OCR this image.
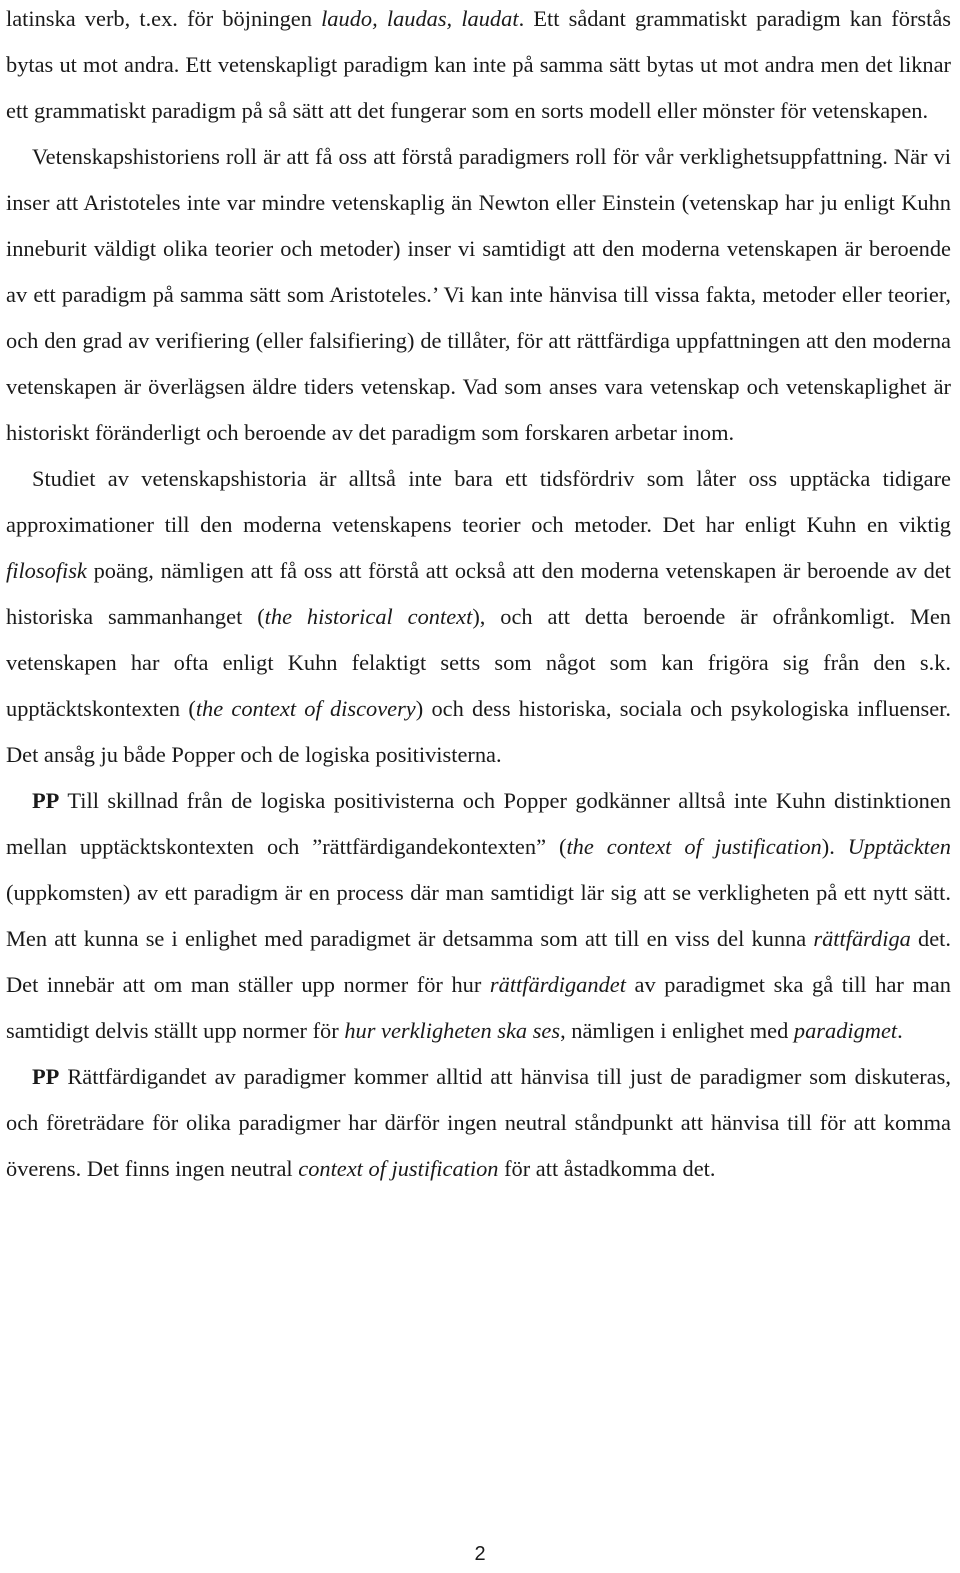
latinska verb, t.ex. för böjningen laudo, laudas, laudat. Ett sådant grammatiskt paradigm kan förstås bytas ut mot andra. Ett vetenskapligt paradigm kan inte på samma sätt bytas ut mot andra men det liknar ett grammatiskt paradigm på så sätt att det fungerar som en sorts modell eller mönster för vetenskapen.

Vetenskapshistoriens roll är att få oss att förstå paradigmers roll för vår verklighetsuppfattning. När vi inser att Aristoteles inte var mindre vetenskaplig än Newton eller Einstein (vetenskap har ju enligt Kuhn inneburit väldigt olika teorier och metoder) inser vi samtidigt att den moderna vetenskapen är beroende av ett paradigm på samma sätt som Aristoteles.’ Vi kan inte hänvisa till vissa fakta, metoder eller teorier, och den grad av verifiering (eller falsifiering) de tillåter, för att rättfärdiga uppfattningen att den moderna vetenskapen är överlägsen äldre tiders vetenskap. Vad som anses vara vetenskap och vetenskaplighet är historiskt föränderligt och beroende av det paradigm som forskaren arbetar inom.

Studiet av vetenskapshistoria är alltså inte bara ett tidsfördriv som låter oss upptäcka tidigare approximationer till den moderna vetenskapens teorier och metoder. Det har enligt Kuhn en viktig filosofisk poäng, nämligen att få oss att förstå att också att den moderna vetenskapen är beroende av det historiska sammanhanget (the historical context), och att detta beroende är ofrånkomligt. Men vetenskapen har ofta enligt Kuhn felaktigt setts som något som kan frigöra sig från den s.k. upptäcktskontexten (the context of discovery) och dess historiska, sociala och psykologiska influenser. Det ansåg ju både Popper och de logiska positivisterna.

PP Till skillnad från de logiska positivisterna och Popper godkänner alltså inte Kuhn distinktionen mellan upptäcktskontexten och ”rättfärdigandekontexten” (the context of justification). Upptäckten (uppkomsten) av ett paradigm är en process där man samtidigt lär sig att se verkligheten på ett nytt sätt. Men att kunna se i enlighet med paradigmet är detsamma som att till en viss del kunna rättfärdiga det. Det innebär att om man ställer upp normer för hur rättfärdigandet av paradigmet ska gå till har man samtidigt delvis ställt upp normer för hur verkligheten ska ses, nämligen i enlighet med paradigmet.

PP Rättfärdigandet av paradigmer kommer alltid att hänvisa till just de paradigmer som diskuteras, och företrädare för olika paradigmer har därför ingen neutral ståndpunkt att hänvisa till för att komma överens. Det finns ingen neutral context of justification för att åstadkomma det.

2
